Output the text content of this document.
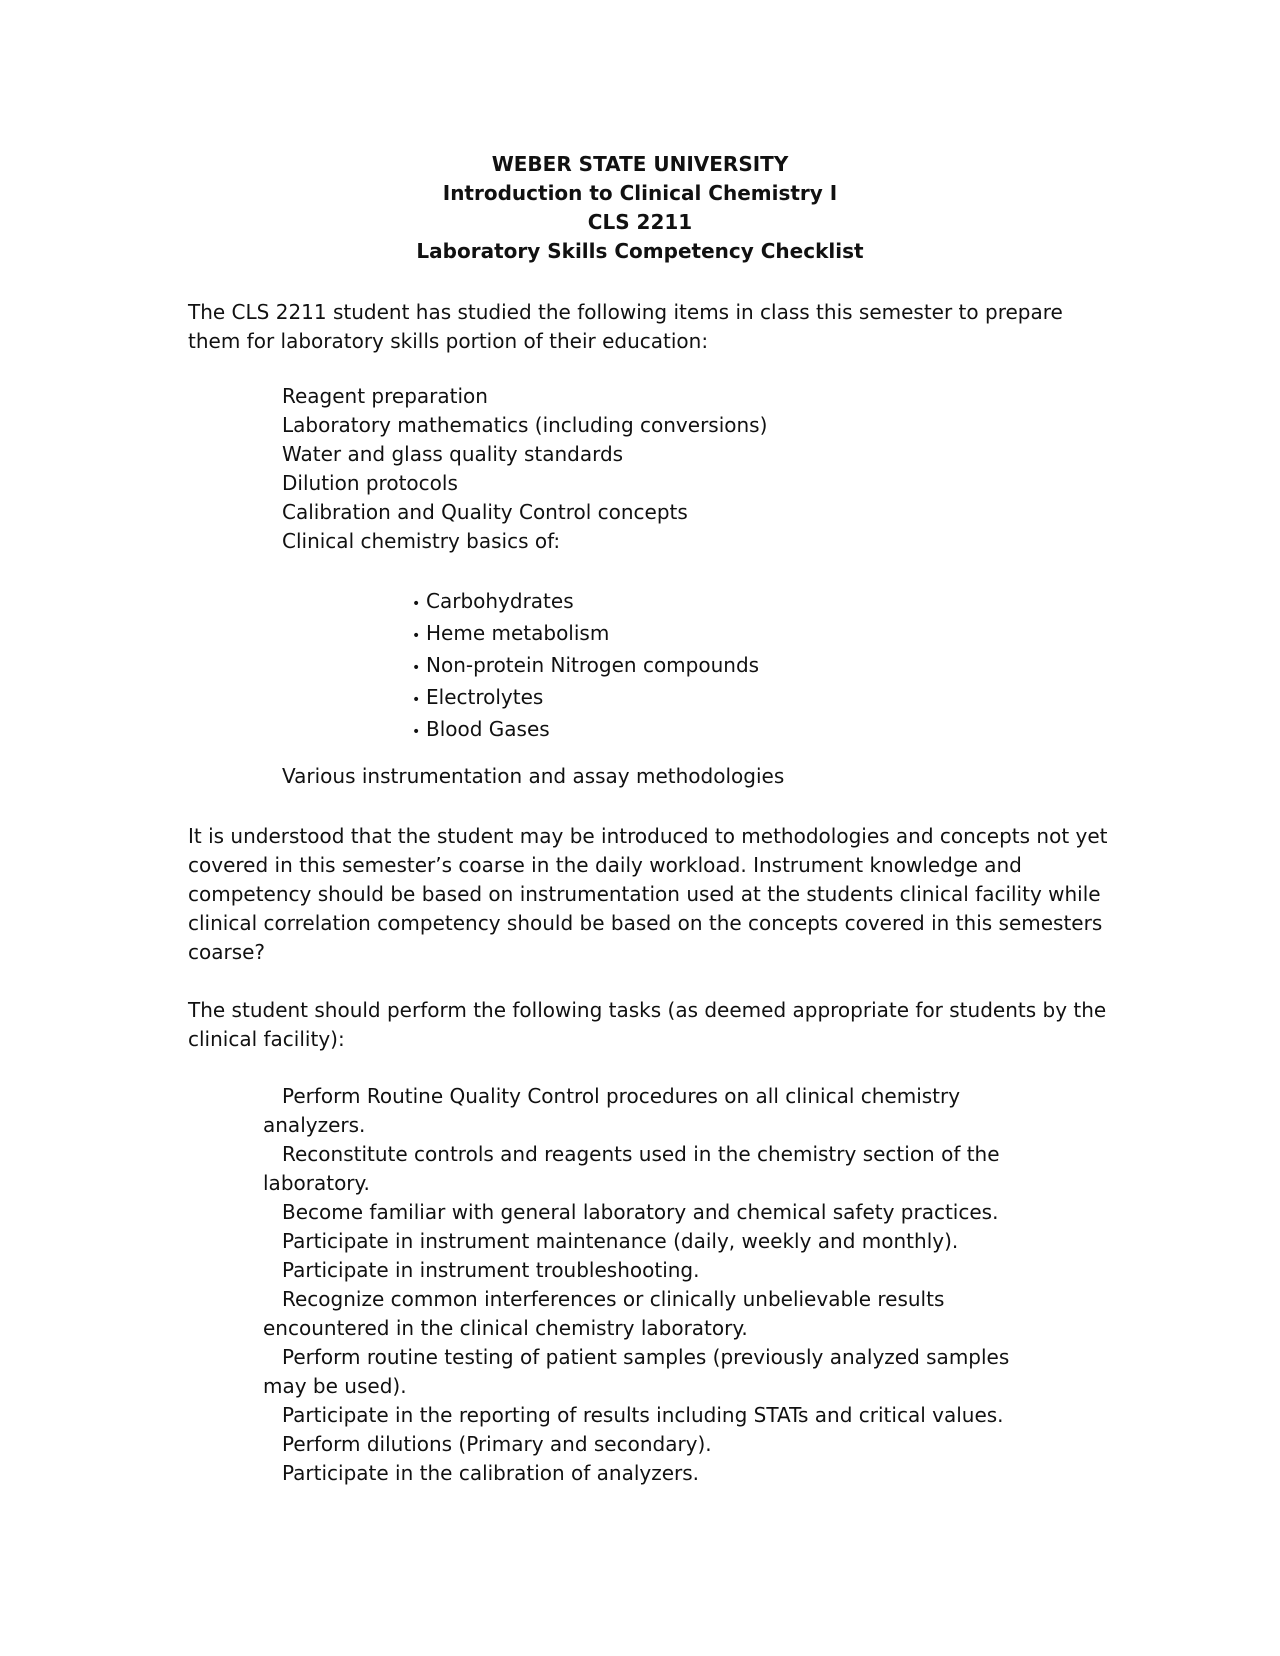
WEBER STATE UNIVERSITY
Introduction to Clinical Chemistry I
CLS 2211
Laboratory Skills Competency Checklist
The CLS 2211 student has studied the following items in class this semester to prepare
them for laboratory skills portion of their education:
Reagent preparation
Laboratory mathematics (including conversions)
Water and glass quality standards
Dilution protocols
Calibration and Quality Control concepts
Clinical chemistry basics of:
• Carbohydrates
• Heme metabolism
• Non-protein Nitrogen compounds
• Electrolytes
• Blood Gases
Various instrumentation and assay methodologies
It is understood that the student may be introduced to methodologies and concepts not yet
covered in this semester’s coarse in the daily workload. Instrument knowledge and
competency should be based on instrumentation used at the students clinical facility while
clinical correlation competency should be based on the concepts covered in this semesters
coarse?
The student should perform the following tasks (as deemed appropriate for students by the
clinical facility):
Perform Routine Quality Control procedures on all clinical chemistry
analyzers.
Reconstitute controls and reagents used in the chemistry section of the
laboratory.
Become familiar with general laboratory and chemical safety practices.
Participate in instrument maintenance (daily, weekly and monthly).
Participate in instrument troubleshooting.
Recognize common interferences or clinically unbelievable results
encountered in the clinical chemistry laboratory.
Perform routine testing of patient samples (previously analyzed samples
may be used).
Participate in the reporting of results including STATs and critical values.
Perform dilutions (Primary and secondary).
Participate in the calibration of analyzers.
